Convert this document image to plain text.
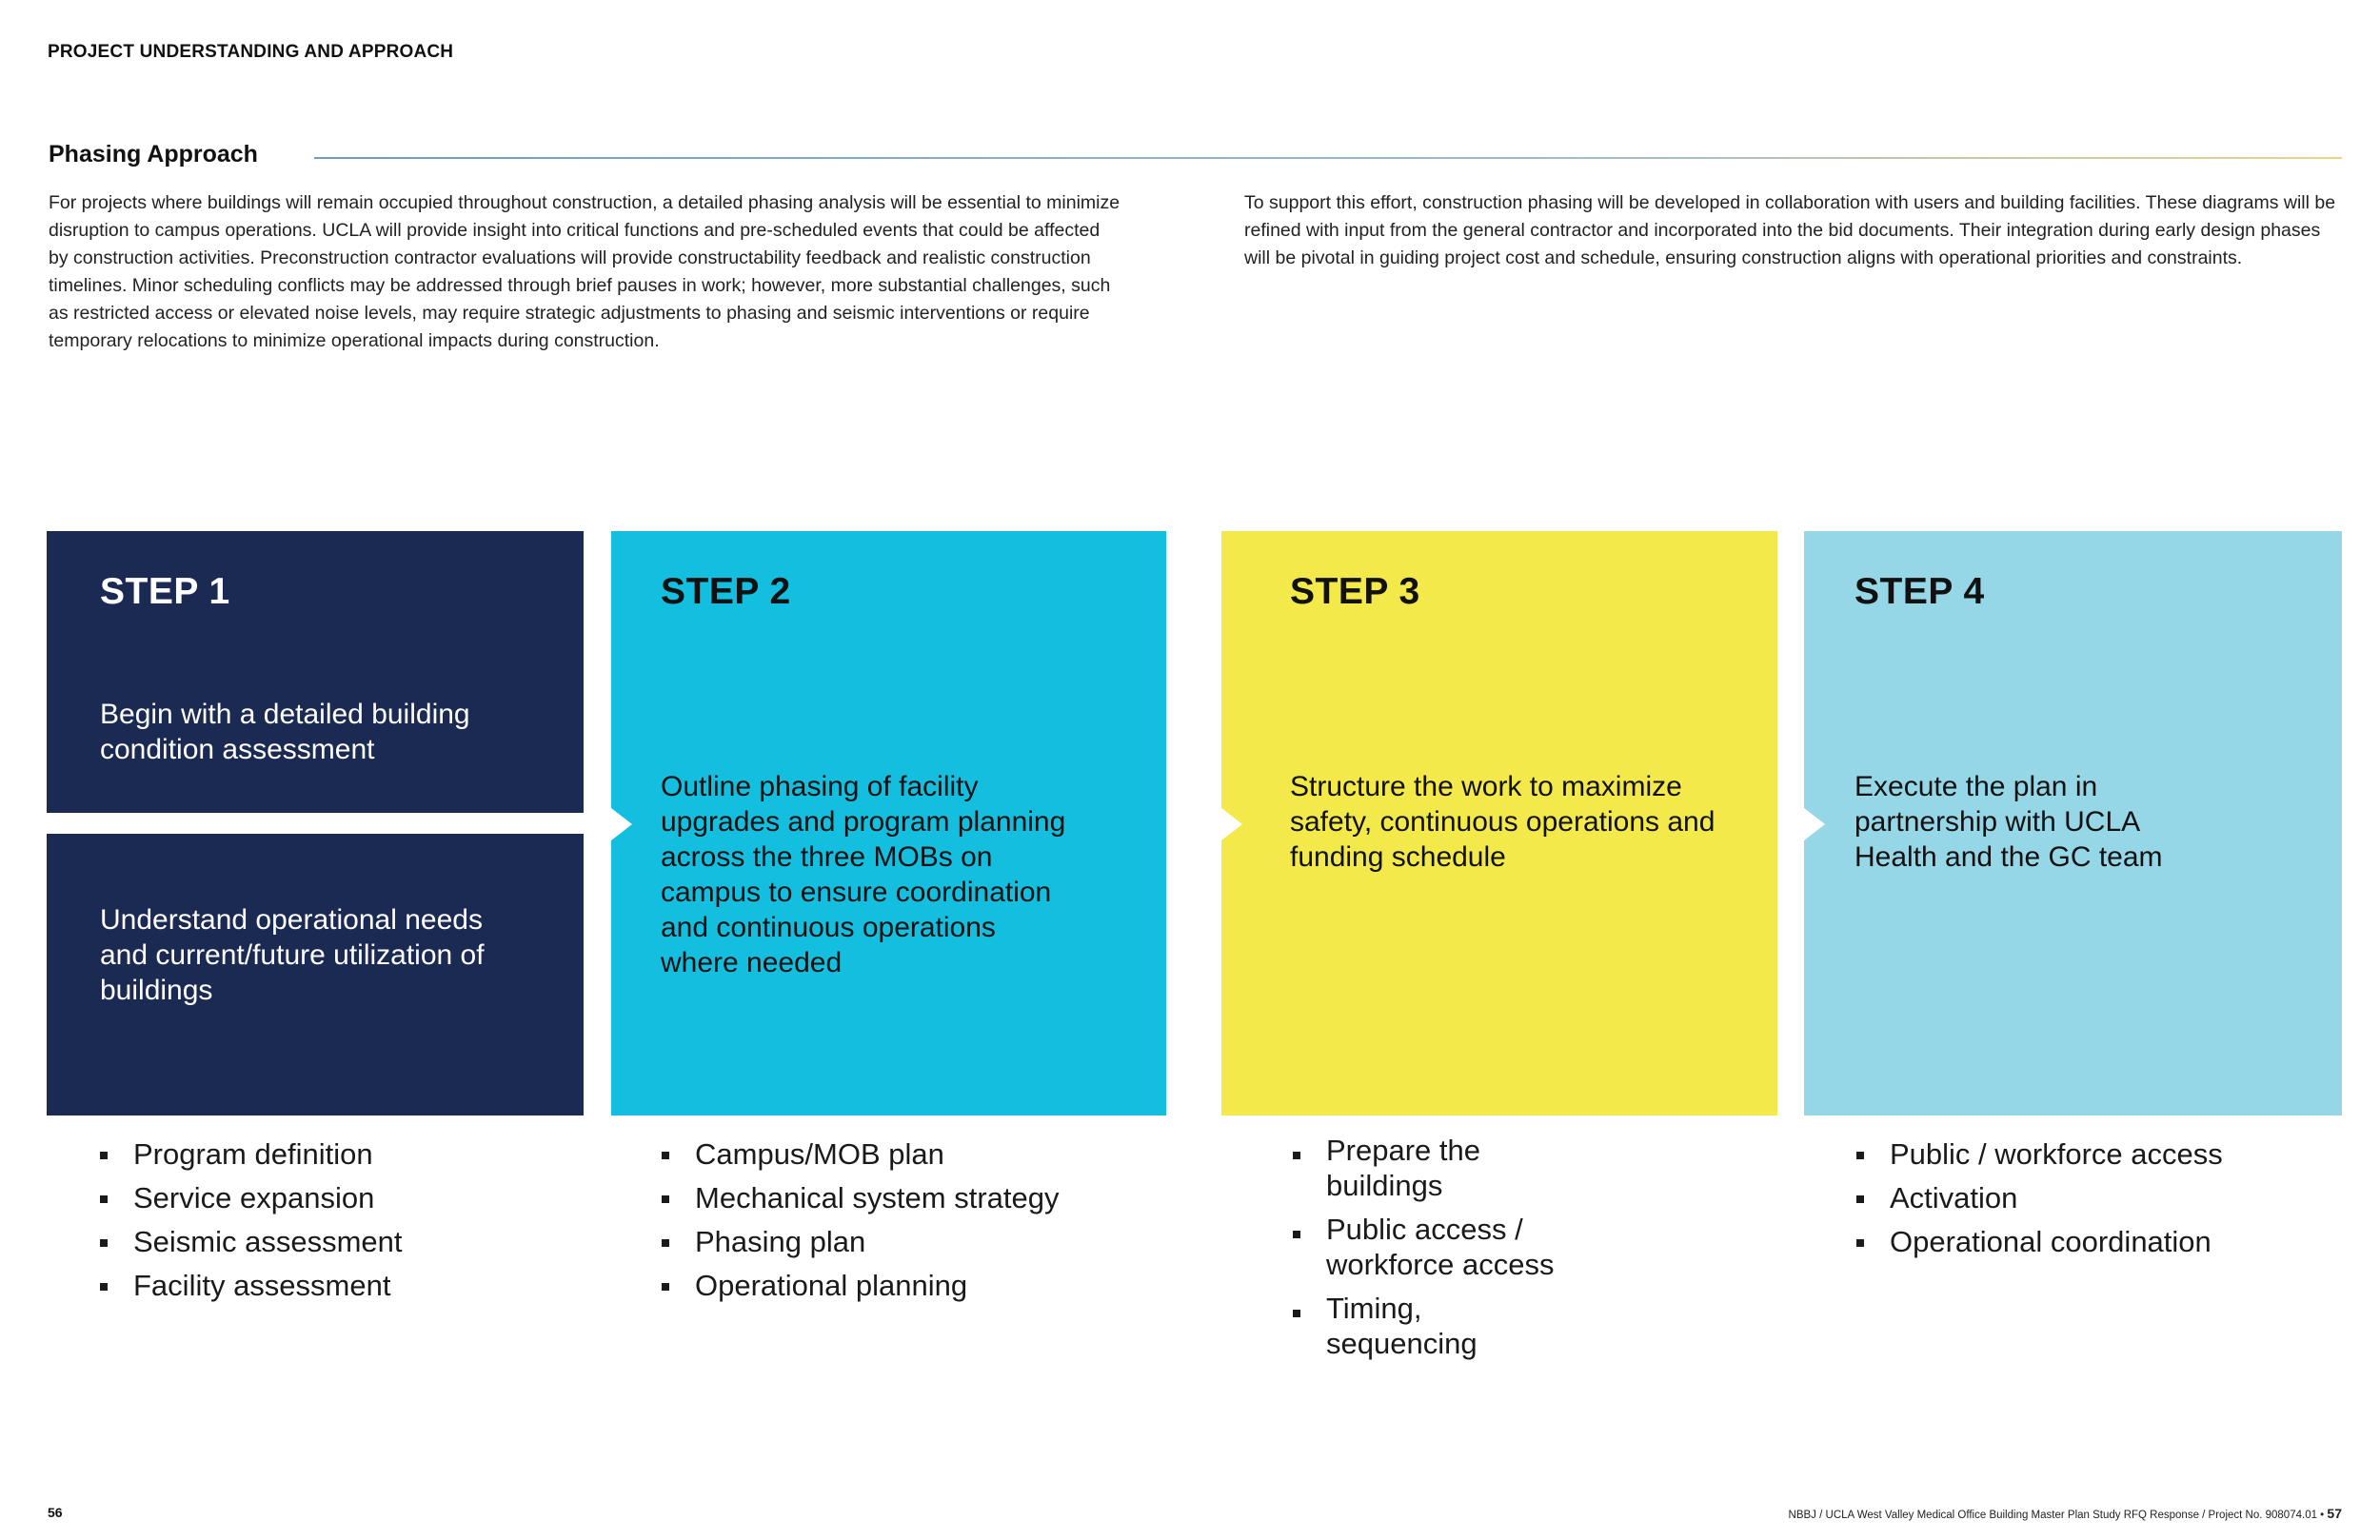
PROJECT UNDERSTANDING AND APPROACH
Phasing Approach

For projects where buildings will remain occupied throughout construction, a detailed phasing analysis will be essential to minimize disruption to campus operations. UCLA will provide insight into critical functions and pre-scheduled events that could be affected by construction activities. Preconstruction contractor evaluations will provide constructability feedback and realistic construction timelines. Minor scheduling conflicts may be addressed through brief pauses in work; however, more substantial challenges, such as restricted access or elevated noise levels, may require strategic adjustments to phasing and seismic interventions or require temporary relocations to minimize operational impacts during construction.

To support this effort, construction phasing will be developed in collaboration with users and building facilities. These diagrams will be refined with input from the general contractor and incorporated into the bid documents. Their integration during early design phases will be pivotal in guiding project cost and schedule, ensuring construction aligns with operational priorities and constraints.

STEP 1
Begin with a detailed building condition assessment
Understand operational needs and current/future utilization of buildings
STEP 2
Outline phasing of facility upgrades and program planning across the three MOBs on campus to ensure coordination and continuous operations where needed
STEP 3
Structure the work to maximize safety, continuous operations and funding schedule
STEP 4
Execute the plan in partnership with UCLA Health and the GC team
Program definition
Service expansion
Seismic assessment
Facility assessment
Campus/MOB plan
Mechanical system strategy
Phasing plan
Operational planning
Prepare the buildings
Public access / workforce access
Timing, sequencing
Public / workforce access
Activation
Operational coordination
56	NBBJ / UCLA West Valley Medical Office Building Master Plan Study RFQ Response / Project No. 908074.01 • 57
